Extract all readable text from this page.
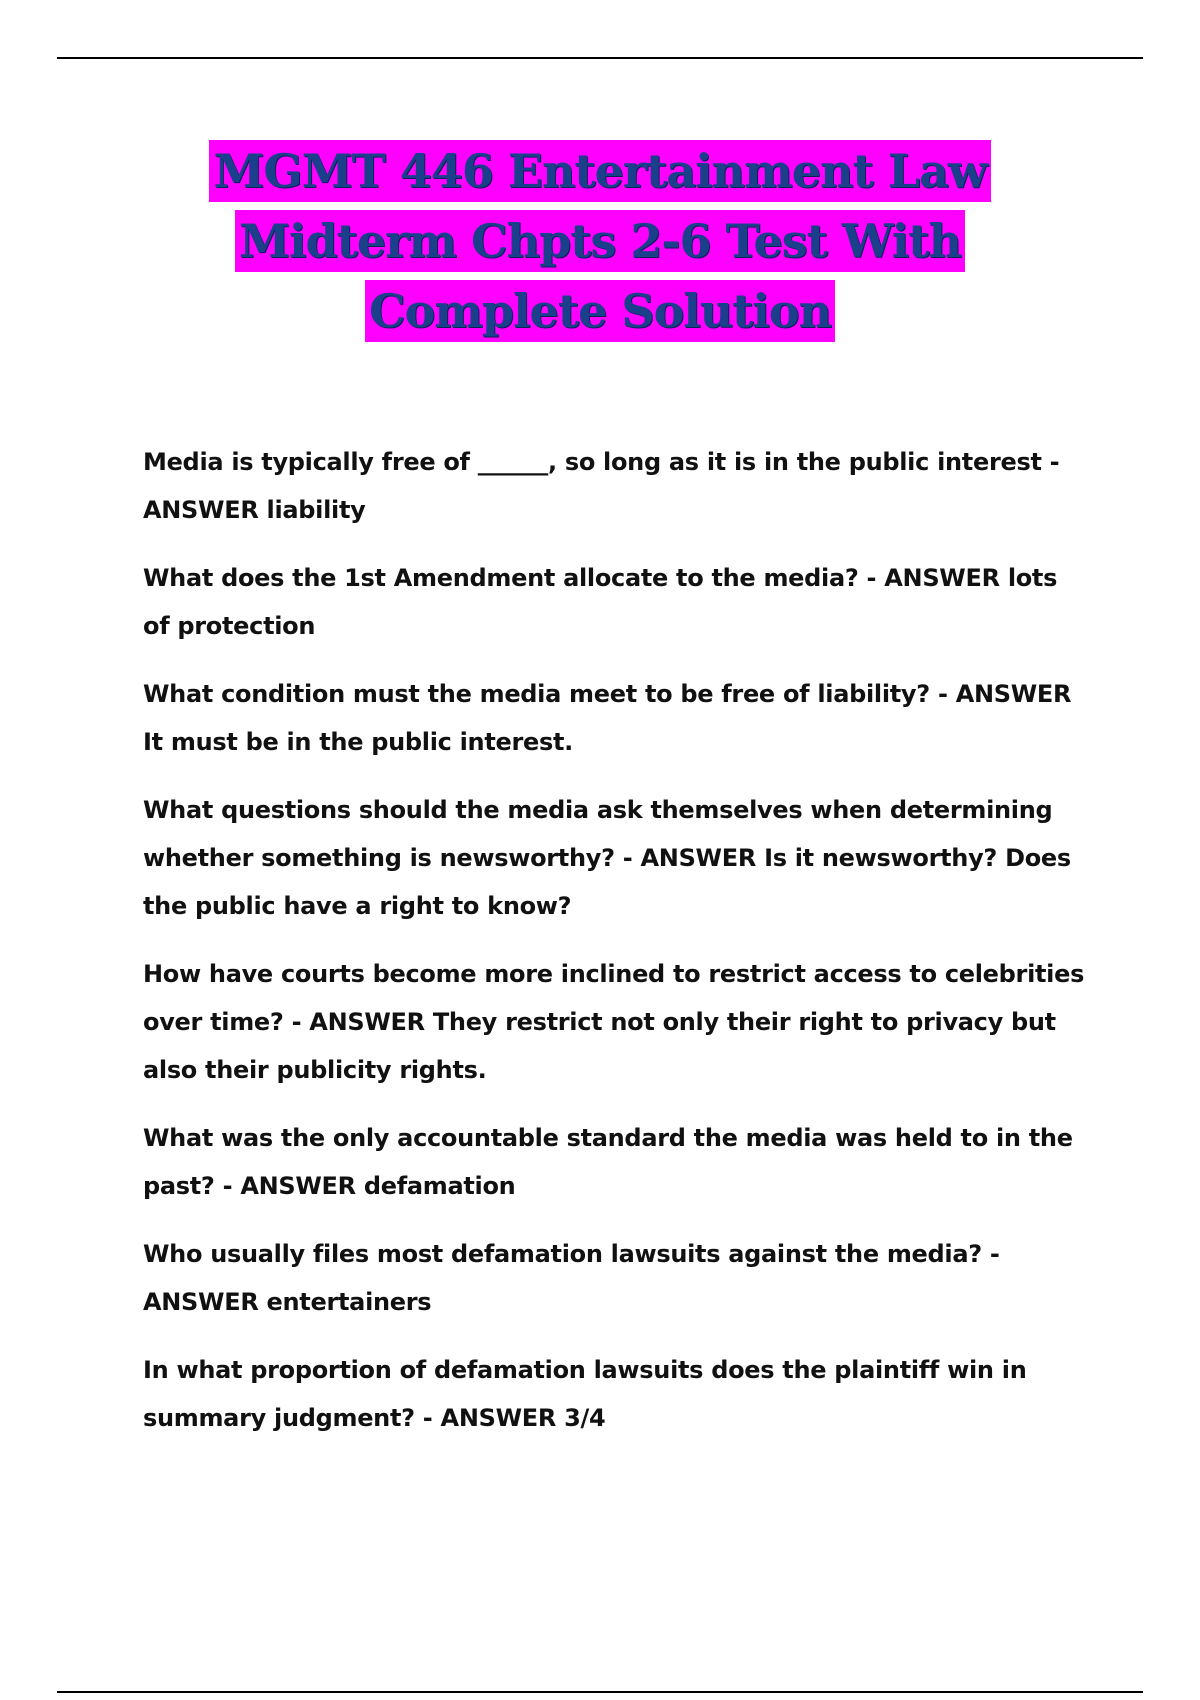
MGMT 446 Entertainment Law
Midterm Chpts 2-6 Test With
Complete Solution

Media is typically free of ______, so long as it is in the public interest - ANSWER liability

What does the 1st Amendment allocate to the media? - ANSWER lots of protection

What condition must the media meet to be free of liability? - ANSWER It must be in the public interest.

What questions should the media ask themselves when determining whether something is newsworthy? - ANSWER Is it newsworthy? Does the public have a right to know?

How have courts become more inclined to restrict access to celebrities over time? - ANSWER They restrict not only their right to privacy but also their publicity rights.

What was the only accountable standard the media was held to in the past? - ANSWER defamation

Who usually files most defamation lawsuits against the media? - ANSWER entertainers

In what proportion of defamation lawsuits does the plaintiff win in summary judgment? - ANSWER 3/4
